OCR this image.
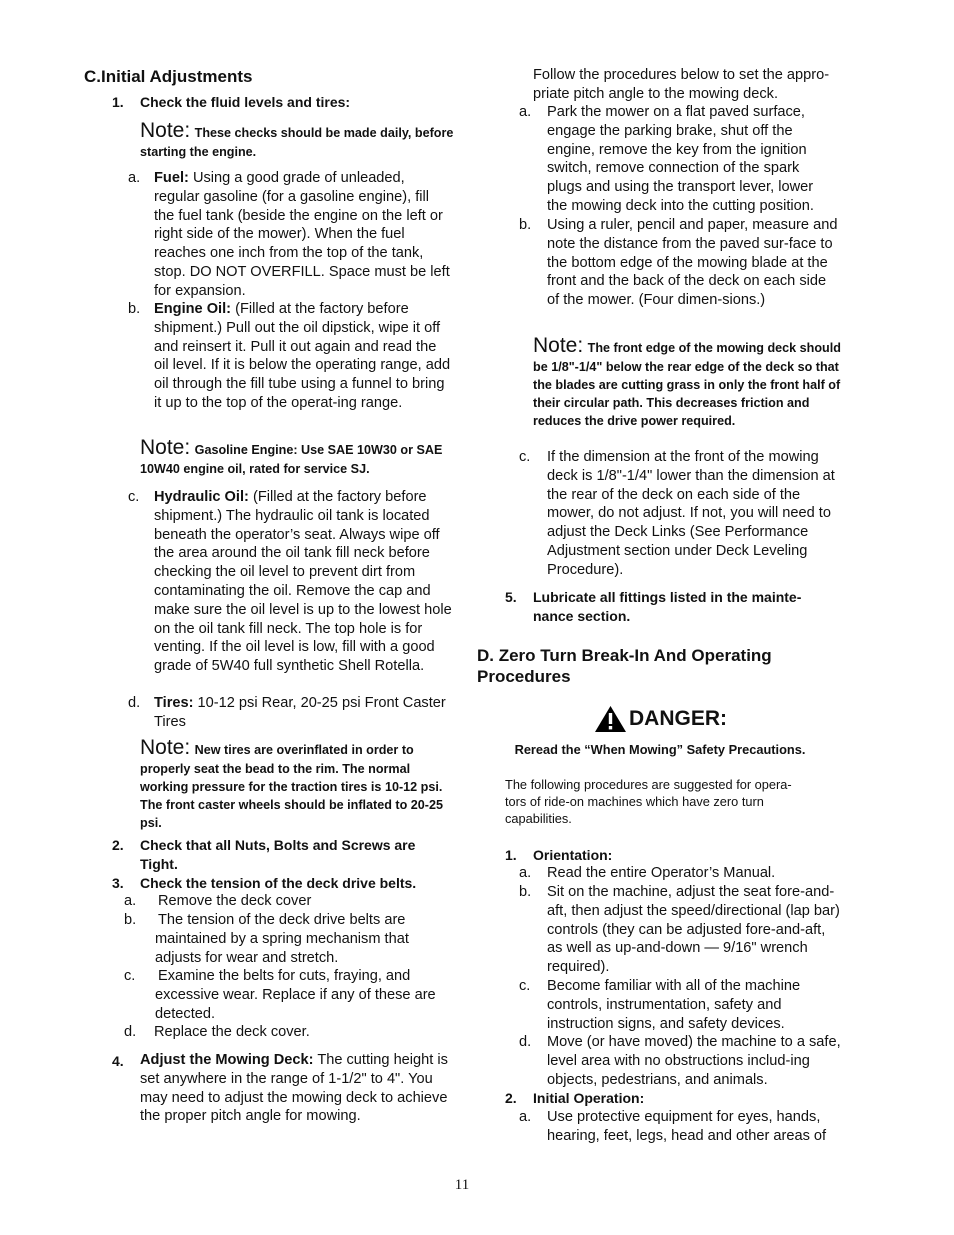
C.Initial Adjustments
1. Check the fluid levels and tires:
Note: These checks should be made daily, before starting the engine.
a. Fuel: Using a good grade of unleaded, regular gasoline (for a gasoline engine), fill the fuel tank (beside the engine on the left or right side of the mower). When the fuel reaches one inch from the top of the tank, stop. DO NOT OVERFILL. Space must be left for expansion.
b. Engine Oil: (Filled at the factory before shipment.) Pull out the oil dipstick, wipe it off and reinsert it. Pull it out again and read the oil level. If it is below the operating range, add oil through the fill tube using a funnel to bring it up to the top of the operat-ing range.
Note: Gasoline Engine: Use SAE 10W30 or SAE 10W40 engine oil, rated for service SJ.
c. Hydraulic Oil: (Filled at the factory before shipment.) The hydraulic oil tank is located beneath the operator’s seat. Always wipe off the area around the oil tank fill neck before checking the oil level to prevent dirt from contaminating the oil. Remove the cap and make sure the oil level is up to the lowest hole on the oil tank fill neck. The top hole is for venting. If the oil level is low, fill with a good grade of 5W40 full synthetic Shell Rotella.
d. Tires: 10-12 psi Rear, 20-25 psi Front Caster Tires
Note: New tires are overinflated in order to properly seat the bead to the rim. The normal working pressure for the traction tires is 10-12 psi. The front caster wheels should be inflated to 20-25 psi.
2. Check that all Nuts, Bolts and Screws are Tight.
3. Check the tension of the deck drive belts.
a. Remove the deck cover
b. The tension of the deck drive belts are maintained by a spring mechanism that adjusts for wear and stretch.
c. Examine the belts for cuts, fraying, and excessive wear. Replace if any of these are detected.
d. Replace the deck cover.
4. Adjust the Mowing Deck: The cutting height is set anywhere in the range of 1-1/2" to 4". You may need to adjust the mowing deck to achieve the proper pitch angle for mowing.
Follow the procedures below to set the appro-priate pitch angle to the mowing deck.
a. Park the mower on a flat paved surface, engage the parking brake, shut off the engine, remove the key from the ignition switch, remove connection of the spark plugs and using the transport lever, lower the mowing deck into the cutting position.
b. Using a ruler, pencil and paper, measure and note the distance from the paved sur-face to the bottom edge of the mowing blade at the front and the back of the deck on each side of the mower. (Four dimen-sions.)
Note: The front edge of the mowing deck should be 1/8"-1/4" below the rear edge of the deck so that the blades are cutting grass in only the front half of their circular path. This decreases friction and reduces the drive power required.
c. If the dimension at the front of the mowing deck is 1/8"-1/4" lower than the dimension at the rear of the deck on each side of the mower, do not adjust. If not, you will need to adjust the Deck Links (See Performance Adjustment section under Deck Leveling Procedure).
5. Lubricate all fittings listed in the mainte-nance section.
D. Zero Turn Break-In And Operating Procedures
DANGER:
Reread the “When Mowing” Safety Precautions.
The following procedures are suggested for opera-tors of ride-on machines which have zero turn capabilities.
1. Orientation:
a. Read the entire Operator’s Manual.
b. Sit on the machine, adjust the seat fore-and-aft, then adjust the speed/directional (lap bar) controls (they can be adjusted fore-and-aft, as well as up-and-down — 9/16" wrench required).
c. Become familiar with all of the machine controls, instrumentation, safety and instruction signs, and safety devices.
d. Move (or have moved) the machine to a safe, level area with no obstructions includ-ing objects, pedestrians, and animals.
2. Initial Operation:
a. Use protective equipment for eyes, hands, hearing, feet, legs, head and other areas of
11
